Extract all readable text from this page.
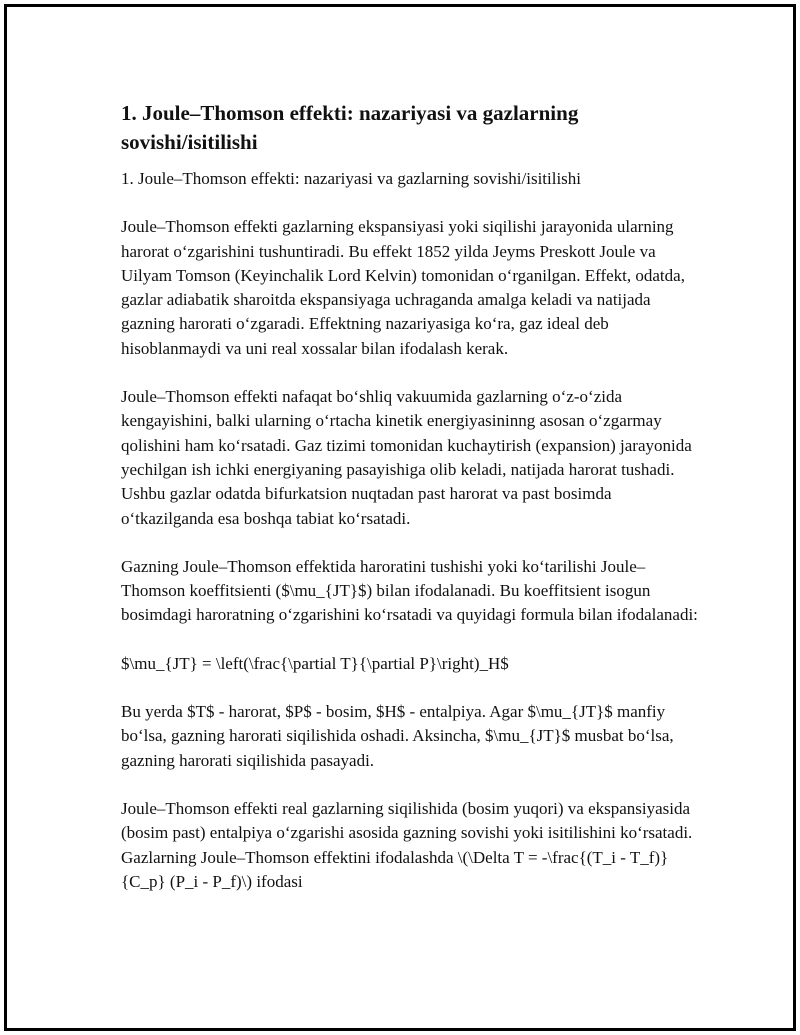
1. Joule–Thomson effekti: nazariyasi va gazlarning sovishi/isitilishi

1. Joule–Thomson effekti: nazariyasi va gazlarning sovishi/isitilishi

Joule–Thomson effekti gazlarning ekspansiyasi yoki siqilishi jarayonida ularning harorat oʻzgarishini tushuntiradi. Bu effekt 1852 yilda Jeyms Preskott Joule va Uilyam Tomson (Keyinchalik Lord Kelvin) tomonidan oʻrganilgan. Effekt, odatda, gazlar adiabatik sharoitda ekspansiyaga uchraganda amalga keladi va natijada gazning harorati oʻzgaradi. Effektning nazariyasiga koʻra, gaz ideal deb hisoblanmaydi va uni real xossalar bilan ifodalash kerak.

Joule–Thomson effekti nafaqat boʻshliq vakuumida gazlarning oʻz-oʻzida kengayishini, balki ularning oʻrtacha kinetik energiyasininng asosan oʻzgarmay qolishini ham koʻrsatadi. Gaz tizimi tomonidan kuchaytirish (expansion) jarayonida yechilgan ish ichki energiyaning pasayishiga olib keladi, natijada harorat tushadi. Ushbu gazlar odatda bifurkatsion nuqtadan past harorat va past bosimda oʻtkazilganda esa boshqa tabiat koʻrsatadi.

Gazning Joule–Thomson effektida haroratini tushishi yoki koʻtarilishi Joule–Thomson koeffitsienti ($\mu_{JT}$) bilan ifodalanadi. Bu koeffitsient isogun bosimdagi haroratning oʻzgarishini koʻrsatadi va quyidagi formula bilan ifodalanadi:

$\mu_{JT} = \left(\frac{\partial T}{\partial P}\right)_H$

Bu yerda $T$ - harorat, $P$ - bosim, $H$ - entalpiya. Agar $\mu_{JT}$ manfiy boʻlsa, gazning harorati siqilishida oshadi. Aksincha, $\mu_{JT}$ musbat boʻlsa, gazning harorati siqilishida pasayadi.

Joule–Thomson effekti real gazlarning siqilishida (bosim yuqori) va ekspansiyasida (bosim past) entalpiya oʻzgarishi asosida gazning sovishi yoki isitilishini koʻrsatadi. Gazlarning Joule–Thomson effektini ifodalashda \(\Delta T = -\frac{(T_i - T_f)}{C_p} (P_i - P_f)\) ifodasi
